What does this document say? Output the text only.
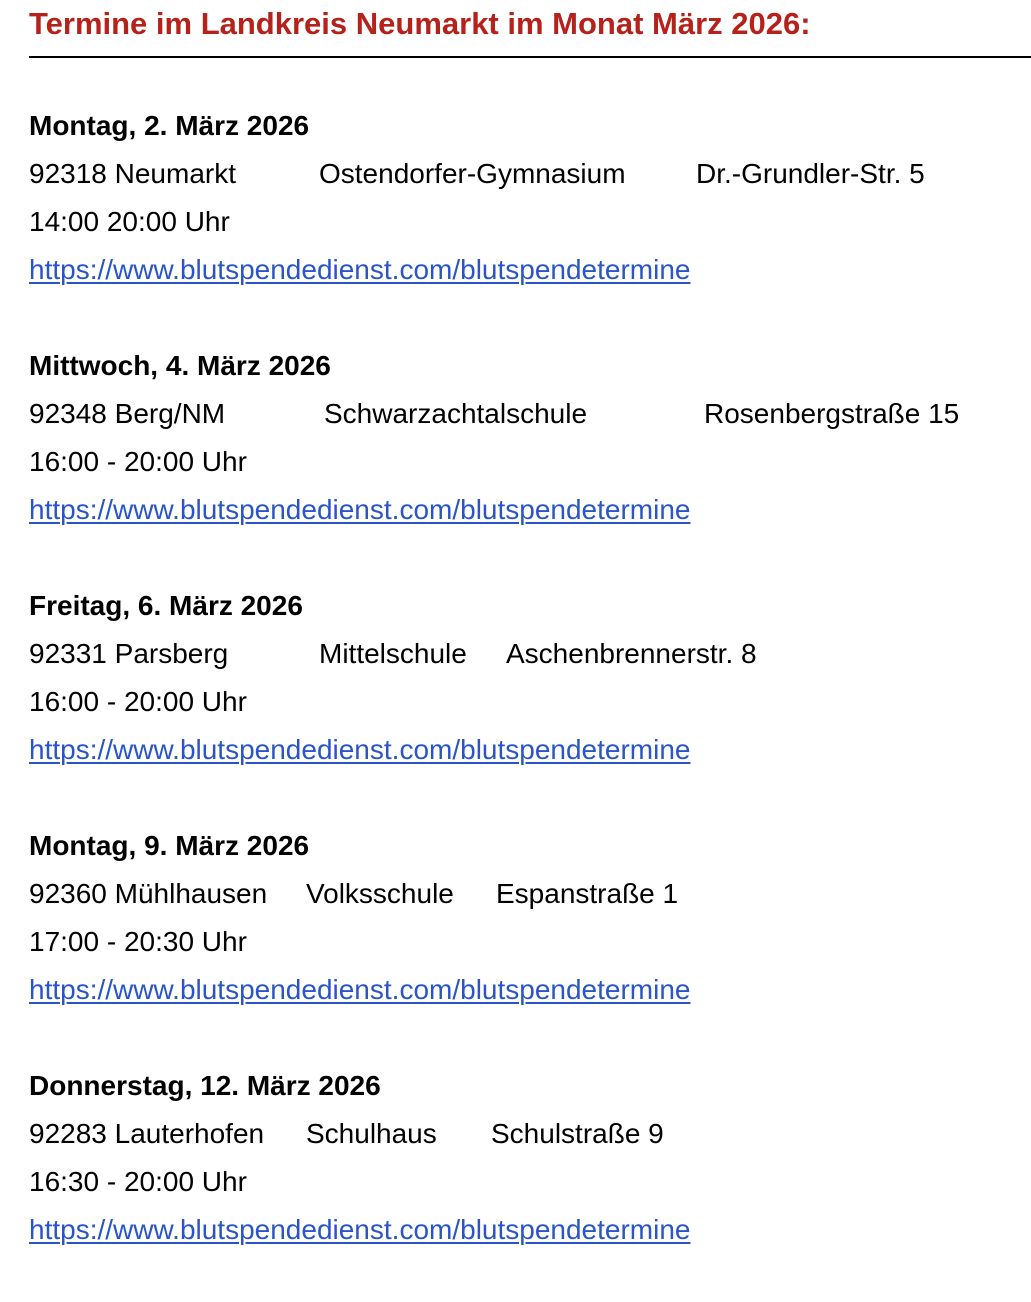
Termine im Landkreis Neumarkt im Monat März 2026:
Montag, 2. März 2026
92318 Neumarkt	Ostendorfer-Gymnasium	Dr.-Grundler-Str. 5
14:00 20:00 Uhr
https://www.blutspendedienst.com/blutspendetermine
Mittwoch, 4. März 2026
92348 Berg/NM	Schwarzachtalschule	Rosenbergstraße 15
16:00 - 20:00 Uhr
https://www.blutspendedienst.com/blutspendetermine
Freitag, 6. März 2026
92331 Parsberg	Mittelschule Aschenbrennerstr. 8
16:00 - 20:00 Uhr
https://www.blutspendedienst.com/blutspendetermine
Montag, 9. März 2026
92360 Mühlhausen Volksschule Espanstraße 1
17:00 - 20:30 Uhr
https://www.blutspendedienst.com/blutspendetermine
Donnerstag, 12. März 2026
92283 Lauterhofen Schulhaus Schulstraße 9
16:30 - 20:00 Uhr
https://www.blutspendedienst.com/blutspendetermine
